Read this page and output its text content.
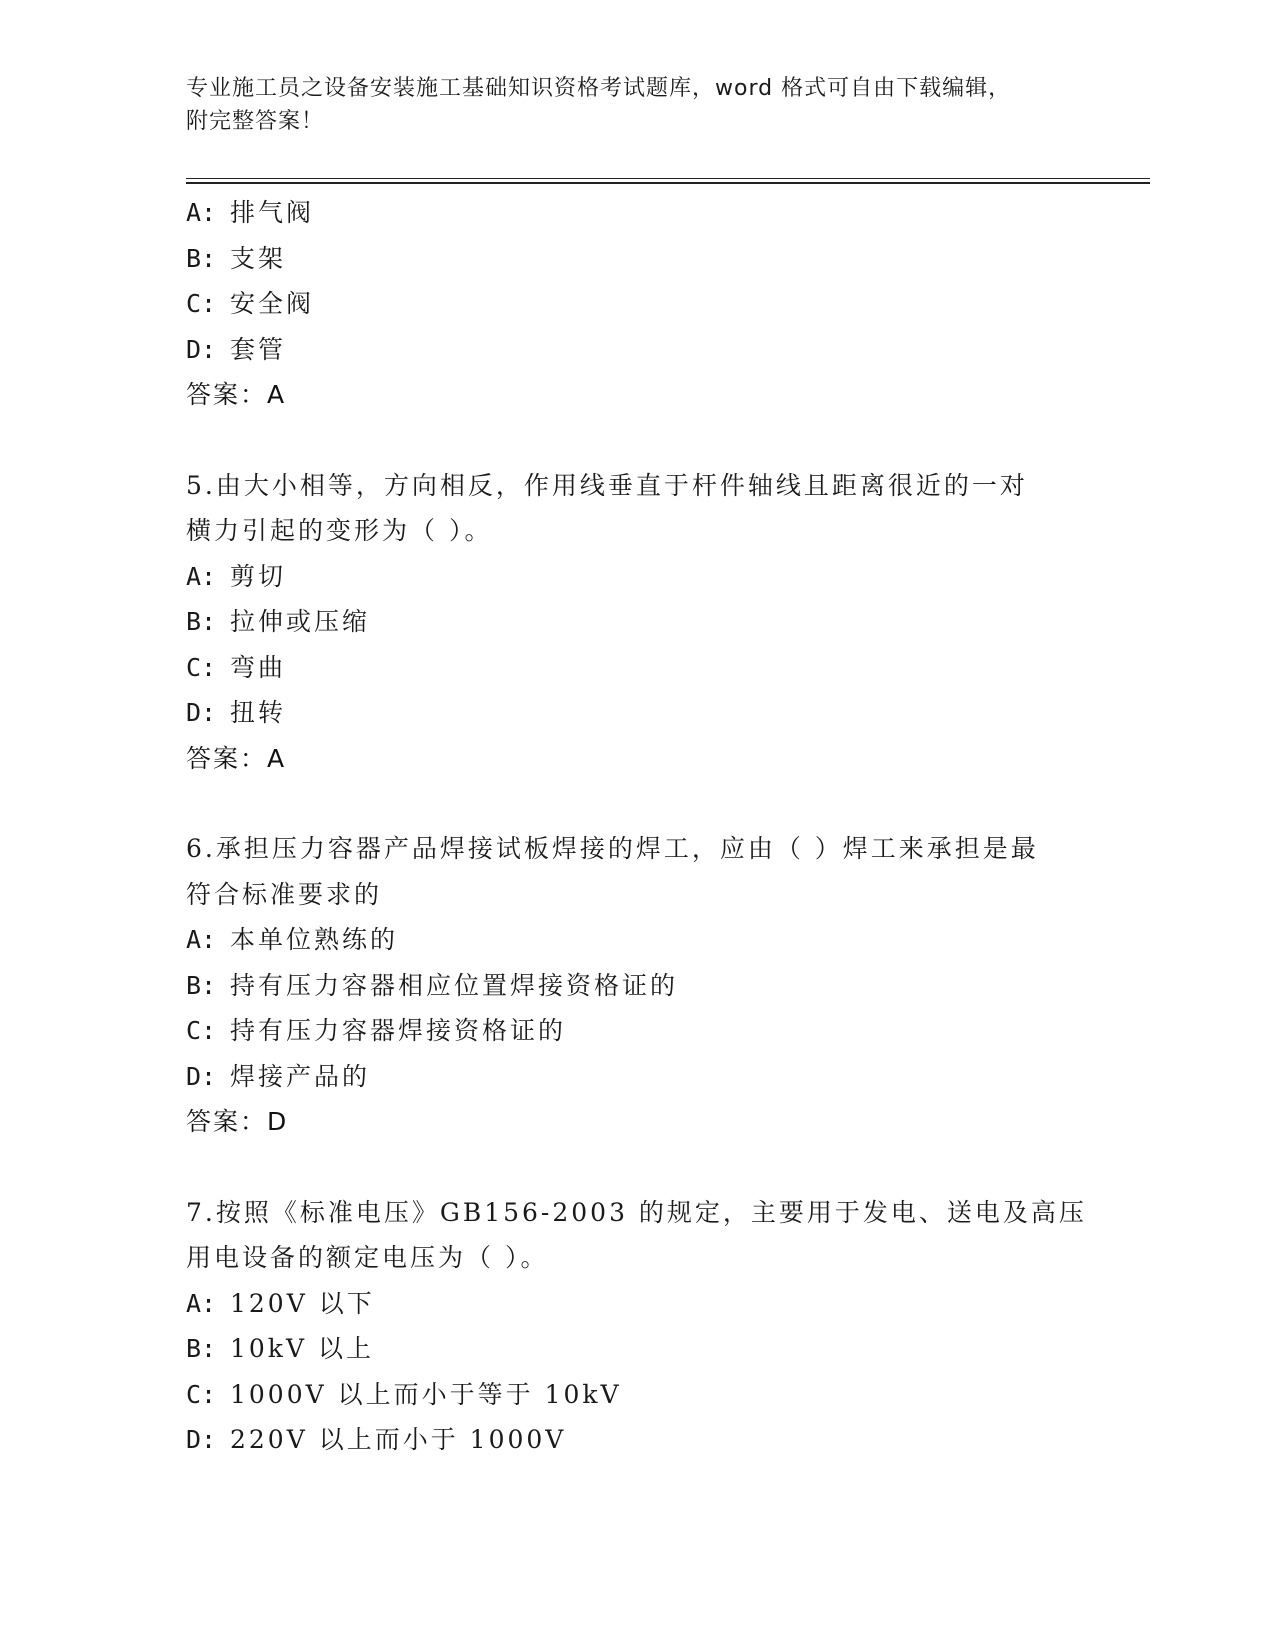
专业施工员之设备安装施工基础知识资格考试题库，word 格式可自由下载编辑，
附完整答案！
A: 排气阀
B: 支架
C: 安全阀
D: 套管
答案：A
5.由大小相等，方向相反，作用线垂直于杆件轴线且距离很近的一对
横力引起的变形为（ ）。
A: 剪切
B: 拉伸或压缩
C: 弯曲
D: 扭转
答案：A
6.承担压力容器产品焊接试板焊接的焊工，应由（ ）焊工来承担是最
符合标准要求的
A: 本单位熟练的
B: 持有压力容器相应位置焊接资格证的
C: 持有压力容器焊接资格证的
D: 焊接产品的
答案：D
7.按照《标准电压》GB156-2003 的规定，主要用于发电、送电及高压
用电设备的额定电压为（ ）。
A: 120V 以下
B: 10kV 以上
C: 1000V 以上而小于等于 10kV
D: 220V 以上而小于 1000V
